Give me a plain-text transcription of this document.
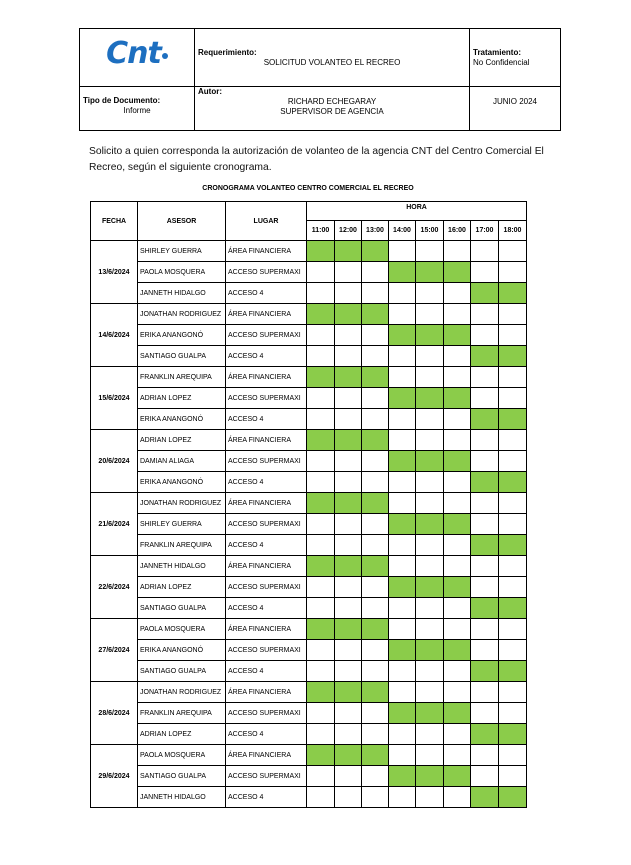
Cnt	Requerimiento:
SOLICITUD VOLANTEO EL RECREO	Tratamiento:
No Confidencial

Tipo de Documento:
Informe	Autor:
RICHARD ECHEGARAY
SUPERVISOR DE AGENCIA	JUNIO 2024
Solicito a quien corresponda la autorización de volanteo de la agencia CNT del Centro Comercial El Recreo, según el siguiente cronograma.
CRONOGRAMA VOLANTEO CENTRO COMERCIAL EL RECREO
FECHA	ASESOR	LUGAR	HORA							
			11:00	12:00	13:00	14:00	15:00	16:00	17:00	18:00
13/6/2024	SHIRLEY GUERRA	ÁREA FINANCIERA								
	PAOLA MOSQUERA	ACCESO SUPERMAXI								
	JANNETH HIDALGO	ACCESO 4								
14/6/2024	JONATHAN RODRIGUEZ	ÁREA FINANCIERA								
	ERIKA ANANGONÓ	ACCESO SUPERMAXI								
	SANTIAGO GUALPA	ACCESO 4								
15/6/2024	FRANKLIN AREQUIPA	ÁREA FINANCIERA								
	ADRIAN LOPEZ	ACCESO SUPERMAXI								
	ERIKA ANANGONÓ	ACCESO 4								
20/6/2024	ADRIAN LOPEZ	ÁREA FINANCIERA								
	DAMIAN ALIAGA	ACCESO SUPERMAXI								
	ERIKA ANANGONÓ	ACCESO 4								
21/6/2024	JONATHAN RODRIGUEZ	ÁREA FINANCIERA								
	SHIRLEY GUERRA	ACCESO SUPERMAXI								
	FRANKLIN AREQUIPA	ACCESO 4								
22/6/2024	JANNETH HIDALGO	ÁREA FINANCIERA								
	ADRIAN LOPEZ	ACCESO SUPERMAXI								
	SANTIAGO GUALPA	ACCESO 4								
27/6/2024	PAOLA MOSQUERA	ÁREA FINANCIERA								
	ERIKA ANANGONÓ	ACCESO SUPERMAXI								
	SANTIAGO GUALPA	ACCESO 4								
28/6/2024	JONATHAN RODRIGUEZ	ÁREA FINANCIERA								
	FRANKLIN AREQUIPA	ACCESO SUPERMAXI								
	ADRIAN LOPEZ	ACCESO 4								
29/6/2024	PAOLA MOSQUERA	ÁREA FINANCIERA								
	SANTIAGO GUALPA	ACCESO SUPERMAXI								
	JANNETH HIDALGO	ACCESO 4								
